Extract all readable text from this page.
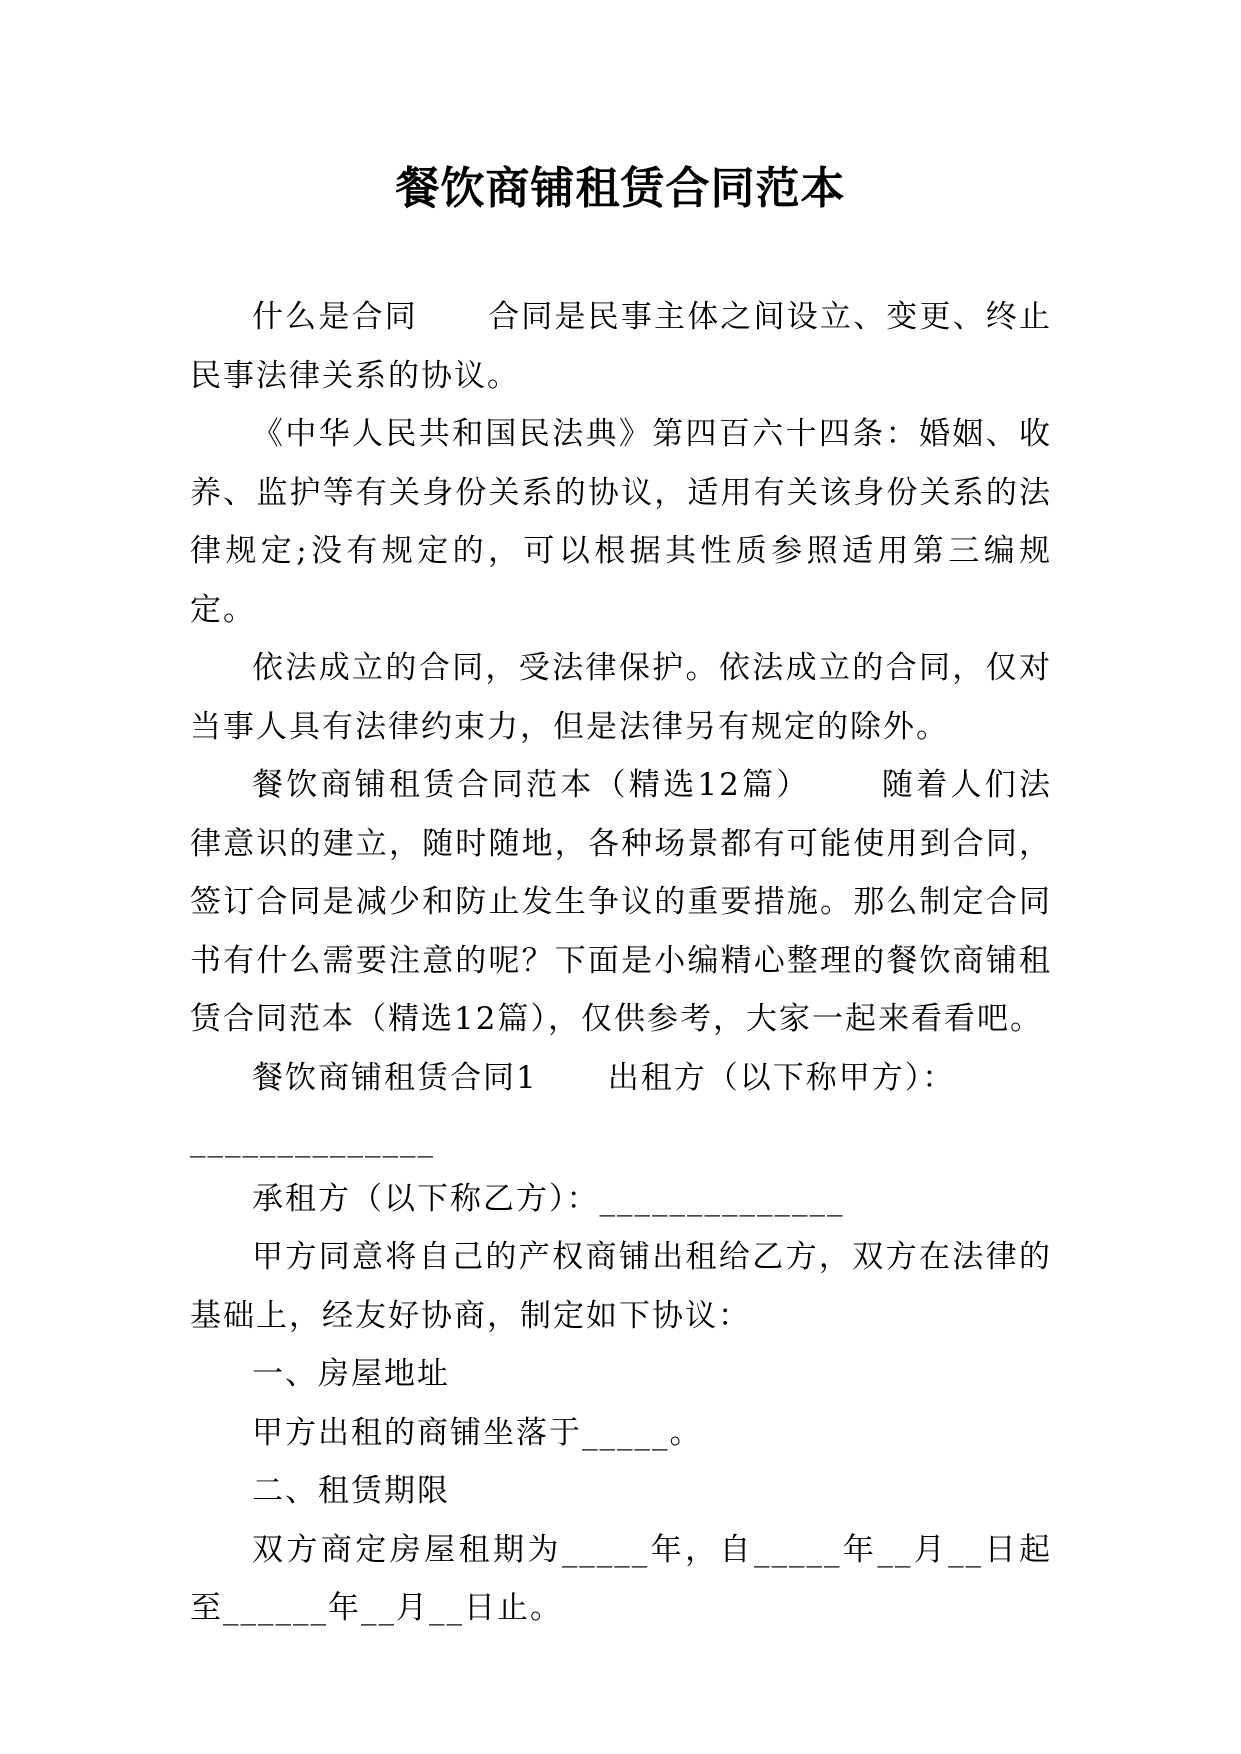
餐饮商铺租赁合同范本

什么是合同 合同是民事主体之间设立、变更、终止民事法律关系的协议。

《中华人民共和国民法典》第四百六十四条：婚姻、收养、监护等有关身份关系的协议，适用有关该身份关系的法律规定;没有规定的，可以根据其性质参照适用第三编规定。

依法成立的合同，受法律保护。依法成立的合同，仅对当事人具有法律约束力，但是法律另有规定的除外。

餐饮商铺租赁合同范本（精选12篇） 随着人们法律意识的建立，随时随地，各种场景都有可能使用到合同，签订合同是减少和防止发生争议的重要措施。那么制定合同书有什么需要注意的呢？下面是小编精心整理的餐饮商铺租赁合同范本（精选12篇），仅供参考，大家一起来看看吧。

餐饮商铺租赁合同1 出租方（以下称甲方）：

______________

承租方（以下称乙方）：______________

甲方同意将自己的产权商铺出租给乙方，双方在法律的基础上，经友好协商，制定如下协议：

一、房屋地址

甲方出租的商铺坐落于_____。

二、租赁期限

双方商定房屋租期为_____年，自_____年__月__日起至______年__月__日止。
